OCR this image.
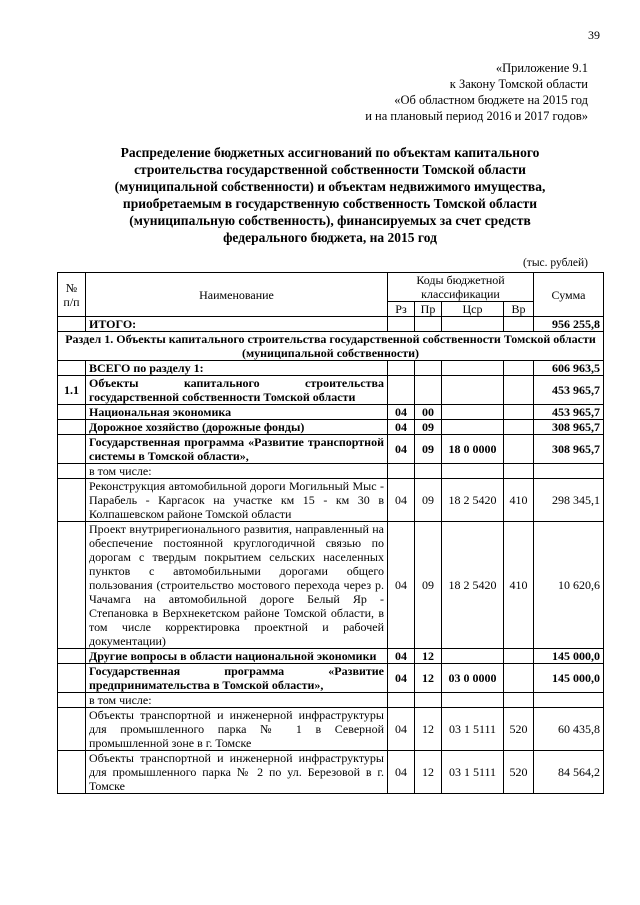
39
«Приложение 9.1
к Закону Томской области
«Об областном бюджете на 2015 год
и на плановый период 2016 и 2017 годов»
Распределение бюджетных ассигнований по объектам капитального
строительства государственной собственности Томской области
(муниципальной собственности) и объектам недвижимого имущества,
приобретаемым в государственную собственность Томской области
(муниципальную собственность), финансируемых за счет средств
федерального бюджета, на 2015 год
(тыс. рублей)
№ п/п	Наименование	Коды бюджетной классификации				Сумма
		Рз	Пр	Цср	Вр	
	ИТОГО:					956 255,8
Раздел 1. Объекты капитального строительства государственной собственности Томской области (муниципальной собственности)						
	ВСЕГО по разделу 1:					606 963,5
1.1	Объекты капитального строительства государственной собственности Томской области					453 965,7
	Национальная экономика	04	00			453 965,7
	Дорожное хозяйство (дорожные фонды)	04	09			308 965,7
	Государственная программа «Развитие транспортной системы в Томской области»,	04	09	18 0 0000		308 965,7
	в том числе:					
	Реконструкция автомобильной дороги Могильный Мыс - Парабель - Каргасок на участке км 15 - км 30 в Колпашевском районе Томской области	04	09	18 2 5420	410	298 345,1
	Проект внутрирегионального развития, направленный на обеспечение постоянной круглогодичной связью по дорогам с твердым покрытием сельских населенных пунктов с автомобильными дорогами общего пользования (строительство мостового перехода через р. Чачамга на автомобильной дороге Белый Яр - Степановка в Верхнекетском районе Томской области, в том числе корректировка проектной и рабочей документации)	04	09	18 2 5420	410	10 620,6
	Другие вопросы в области национальной экономики	04	12			145 000,0
	Государственная программа «Развитие предпринимательства в Томской области»,	04	12	03 0 0000		145 000,0
	в том числе:					
	Объекты транспортной и инженерной инфраструктуры для промышленного парка № 1 в Северной промышленной зоне в г. Томске	04	12	03 1 5111	520	60 435,8
	Объекты транспортной и инженерной инфраструктуры для промышленного парка № 2 по ул. Березовой в г. Томске	04	12	03 1 5111	520	84 564,2
